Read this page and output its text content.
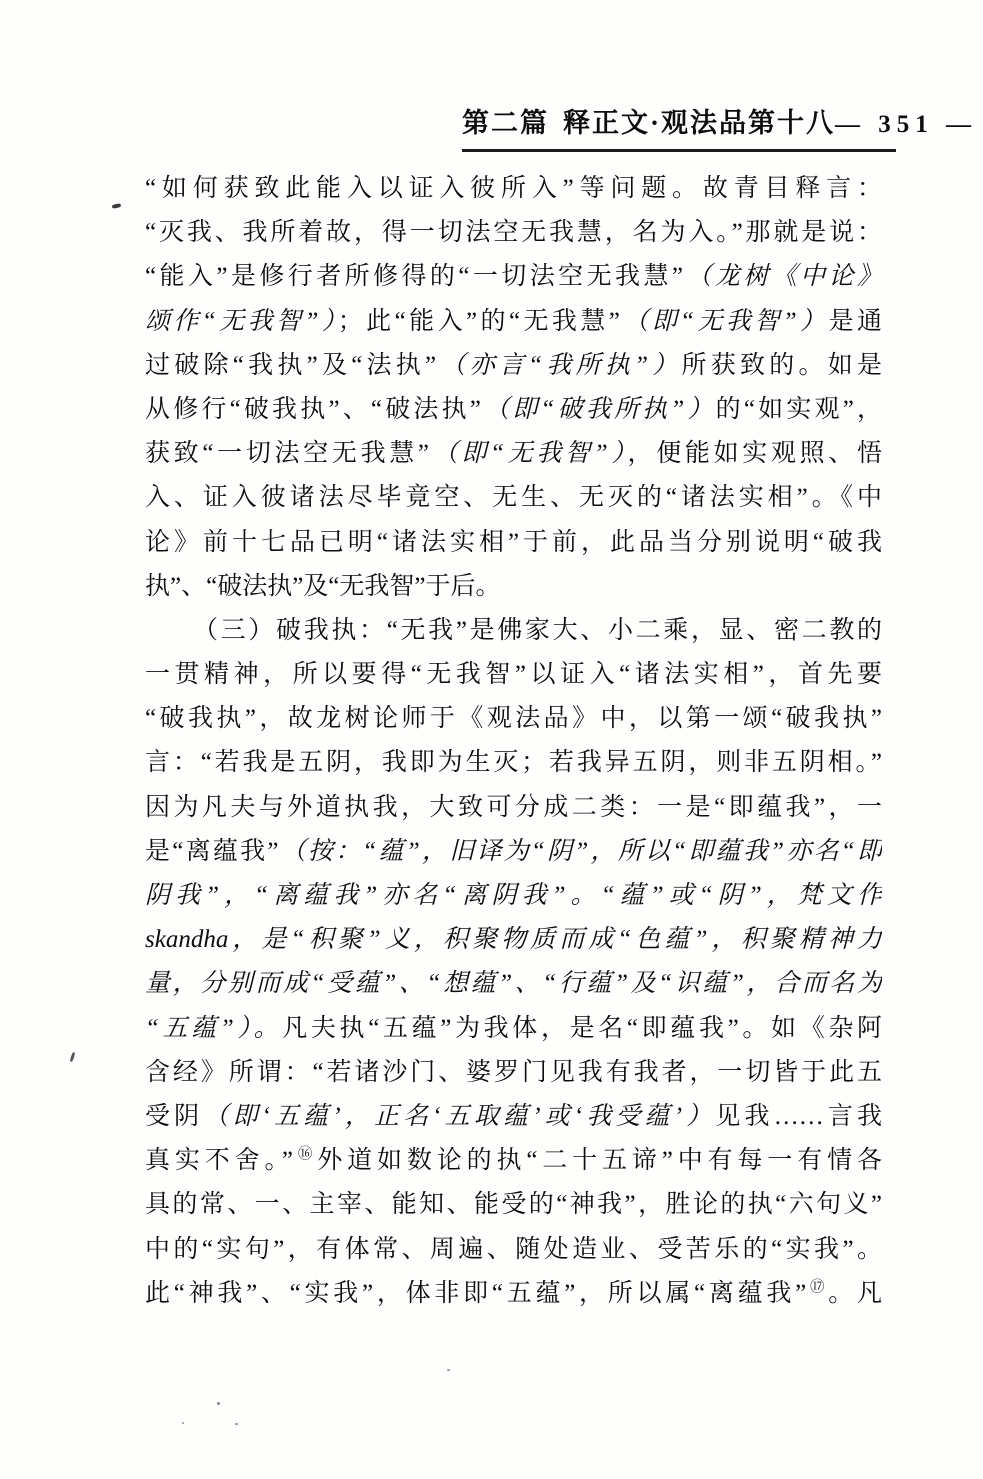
第二篇 释正文·观法品第十八 — 351 —
“如何获致此能入以证入彼所入”等问题。故青目释言：
“灭我、我所着故，得一切法空无我慧，名为入。”那就是说：
“能入”是修行者所修得的“一切法空无我慧”（龙树《中论》
颂作“无我智”）；此“能入”的“无我慧”（即“无我智”）是通
过破除“我执”及“法执”（亦言“我所执”）所获致的。如是
从修行“破我执”、“破法执”（即“破我所执”）的“如实观”，
获致“一切法空无我慧”（即“无我智”），便能如实观照、悟
入、证入彼诸法尽毕竟空、无生、无灭的“诸法实相”。《中
论》前十七品已明“诸法实相”于前，此品当分别说明“破我
执”、“破法执”及“无我智”于后。
（三）破我执：“无我”是佛家大、小二乘，显、密二教的
一贯精神，所以要得“无我智”以证入“诸法实相”，首先要
“破我执”，故龙树论师于《观法品》中，以第一颂“破我执”
言：“若我是五阴，我即为生灭；若我异五阴，则非五阴相。”
因为凡夫与外道执我，大致可分成二类：一是“即蕴我”，一
是“离蕴我”（按：“蕴”，旧译为“阴”，所以“即蕴我”亦名“即
阴我”，“离蕴我”亦名“离阴我”。“蕴”或“阴”，梵文作
skandha，是“积聚”义，积聚物质而成“色蕴”，积聚精神力
量，分别而成“受蕴”、“想蕴”、“行蕴”及“识蕴”，合而名为
“五蕴”）。凡夫执“五蕴”为我体，是名“即蕴我”。如《杂阿
含经》所谓：“若诸沙门、婆罗门见我有我者，一切皆于此五
受阴（即‘五蕴’，正名‘五取蕴’或‘我受蕴’）见我……言我
真实不舍。”⑯外道如数论的执“二十五谛”中有每一有情各
具的常、一、主宰、能知、能受的“神我”，胜论的执“六句义”
中的“实句”，有体常、周遍、随处造业、受苦乐的“实我”。
此“神我”、“实我”，体非即“五蕴”，所以属“离蕴我”⑰。凡
